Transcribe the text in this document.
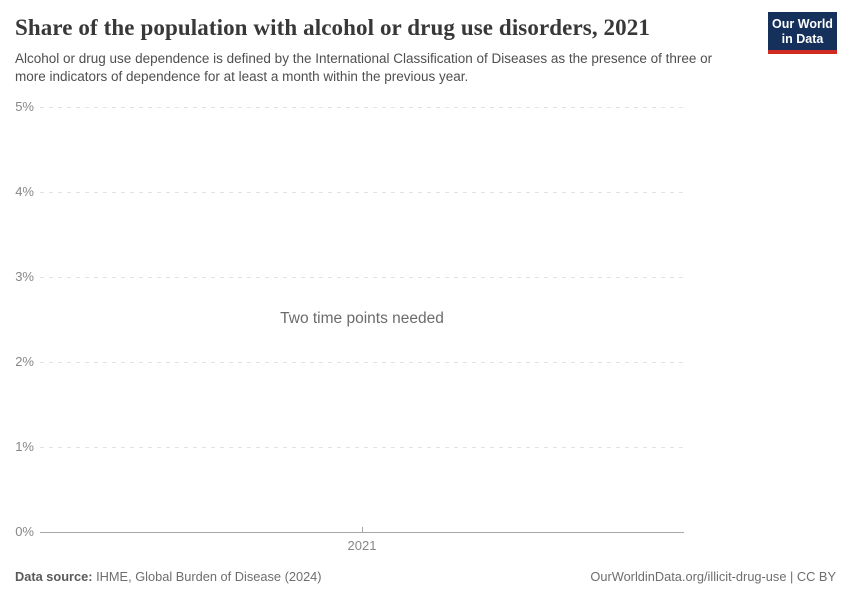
Share of the population with alcohol or drug use disorders, 2021

Alcohol or drug use dependence is defined by the International Classification of Diseases as the presence of three or more indicators of dependence for at least a month within the previous year.

Our World
in Data
5%
4%
3%
2%
1%
0%
2021
Two time points needed
Data source: IHME, Global Burden of Disease (2024)	OurWorldinData.org/illicit-drug-use | CC BY
